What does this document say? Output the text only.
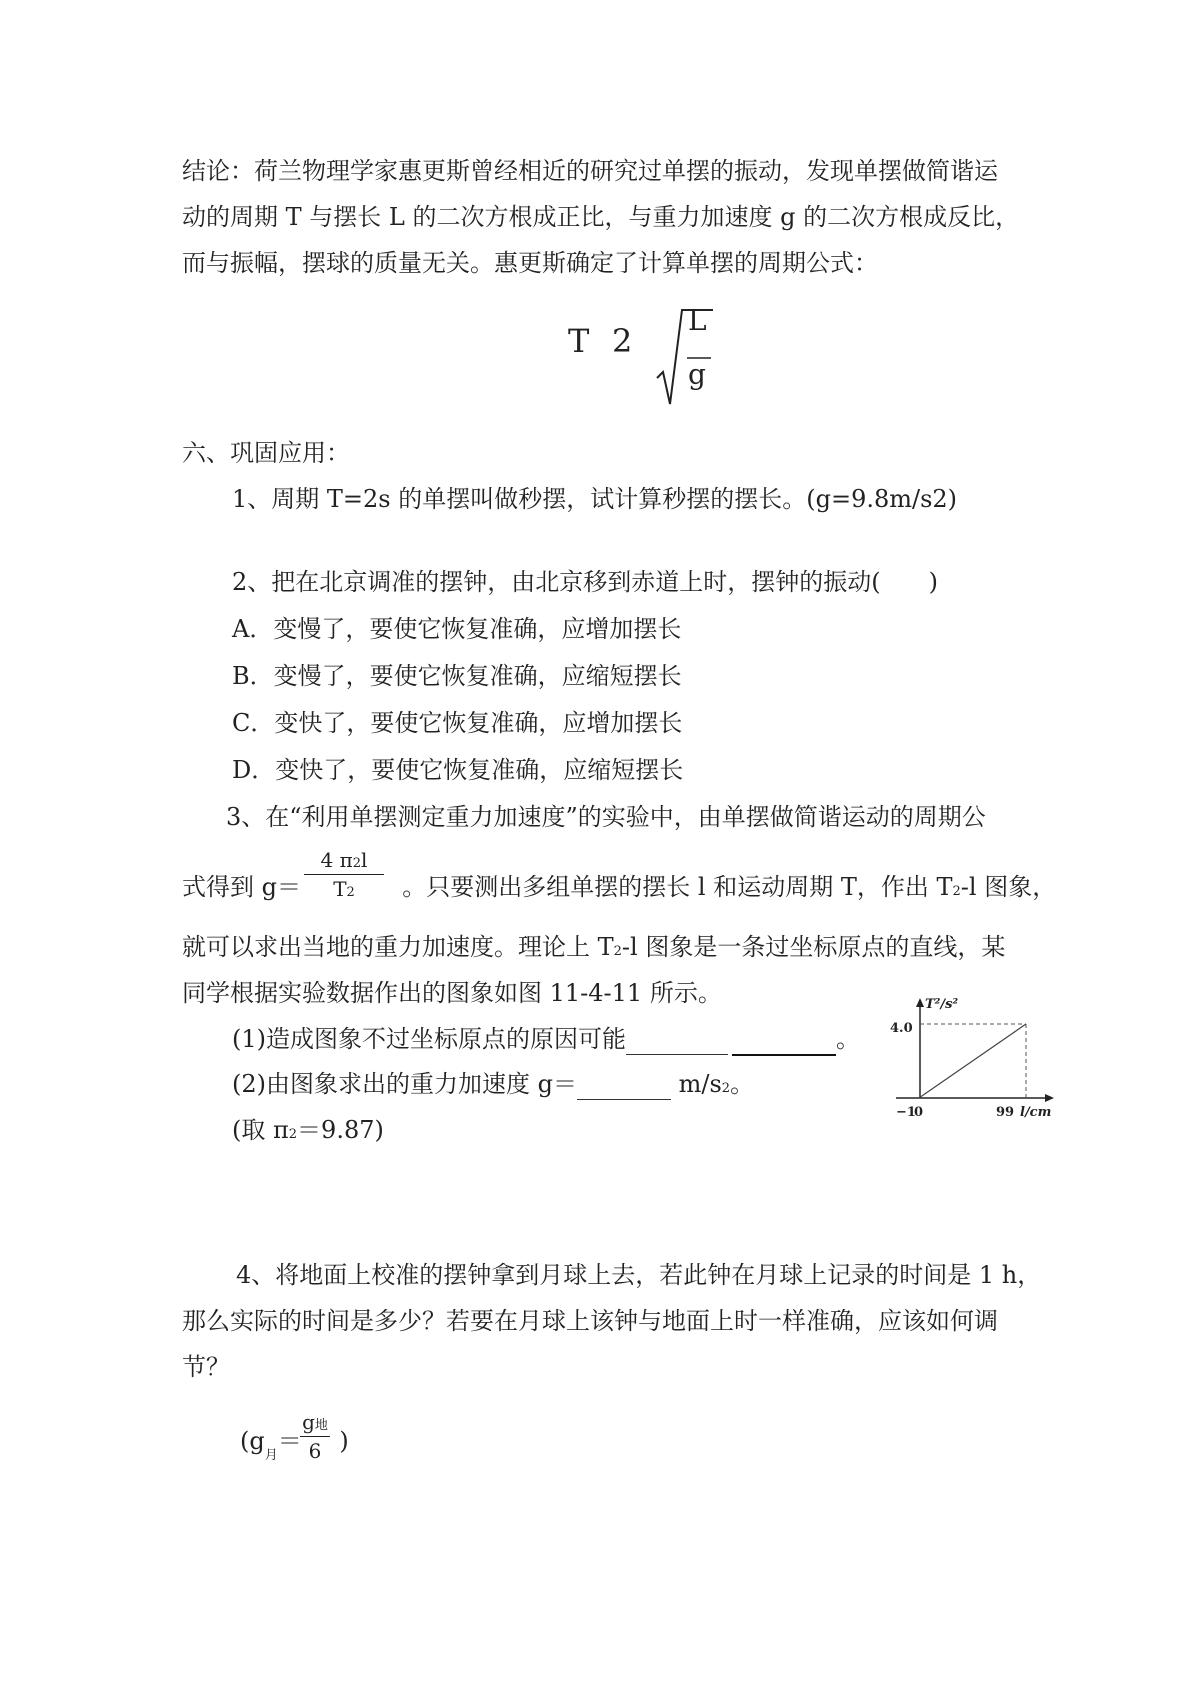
结论：荷兰物理学家惠更斯曾经相近的研究过单摆的振动，发现单摆做简谐运
动的周期 T 与摆长 L 的二次方根成正比，与重力加速度 g 的二次方根成反比，
而与振幅，摆球的质量无关。惠更斯确定了计算单摆的周期公式：
T 2
L
g
六、巩固应用：
1、周期 T=2s 的单摆叫做秒摆，试计算秒摆的摆长。(g=9.8m/s2)
2、把在北京调准的摆钟，由北京移到赤道上时，摆钟的振动(　　)
A．变慢了，要使它恢复准确，应增加摆长
B．变慢了，要使它恢复准确，应缩短摆长
C．变快了，要使它恢复准确，应增加摆长
D．变快了，要使它恢复准确，应缩短摆长
3、在“利用单摆测定重力加速度”的实验中，由单摆做简谐运动的周期公
式得到 g＝	。只要测出多组单摆的摆长 l 和运动周期 T，作出 T2-l 图象，
4 π2l
T2
就可以求出当地的重力加速度。理论上 T2-l 图象是一条过坐标原点的直线，某
同学根据实验数据作出的图象如图 11-4-11 所示。
(1)造成图象不过坐标原点的原因可能	。
(2)由图象求出的重力加速度 g＝	m/s2。
(取 π2＝9.87)
T²/s²
l/cm
4.0
−1
0	99
4、将地面上校准的摆钟拿到月球上去，若此钟在月球上记录的时间是 1 h，
那么实际的时间是多少？若要在月球上该钟与地面上时一样准确，应该如何调
节？
($g_月=$ )
g地
6
